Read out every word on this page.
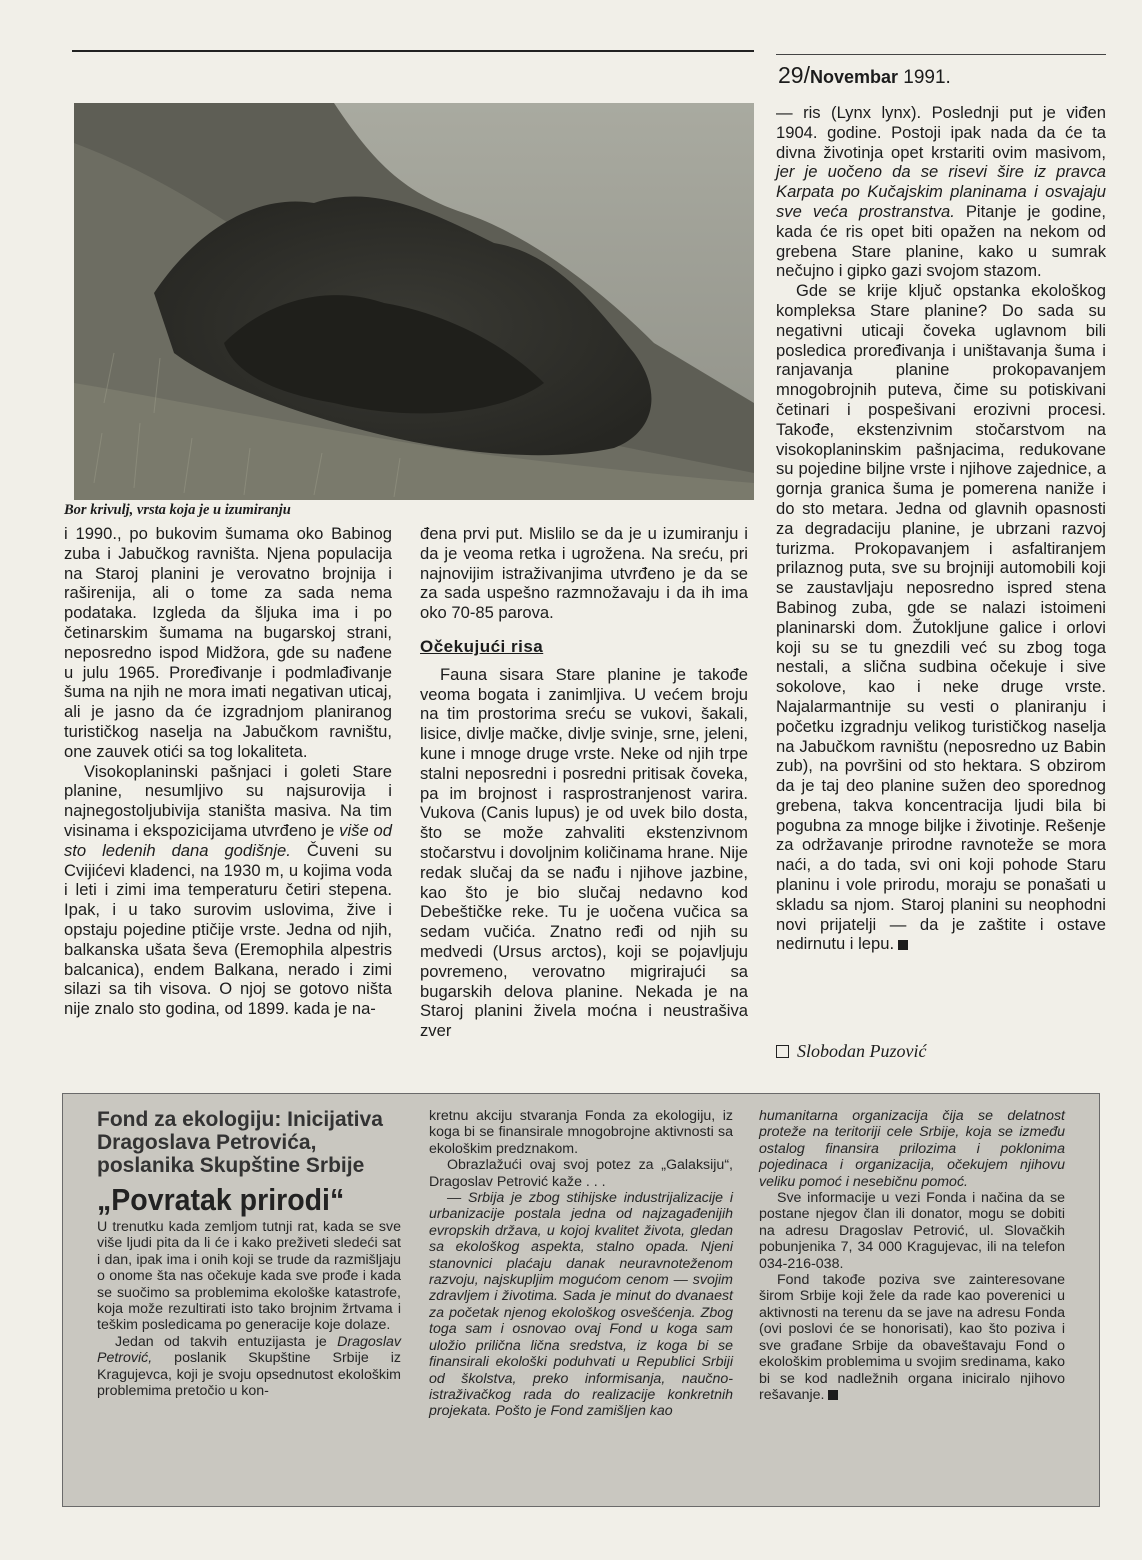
29/Novembar 1991.
Bor krivulj, vrsta koja je u izumiranju

i 1990., po bukovim šumama oko Babinog zuba i Jabučkog ravništa. Njena populacija na Staroj planini je verovatno brojnija i raširenija, ali o tome za sada nema podataka. Izgleda da šljuka ima i po četinarskim šumama na bugarskoj strani, neposredno ispod Midžora, gde su nađene u julu 1965. Proređivanje i podmlađivanje šuma na njih ne mora imati negativan uticaj, ali je jasno da će izgradnjom planiranog turističkog naselja na Jabučkom ravništu, one zauvek otići sa tog lokaliteta.

Visokoplaninski pašnjaci i goleti Stare planine, nesumljivo su najsurovija i najnegostoljubivija staništa masiva. Na tim visinama i ekspozicijama utvrđeno je više od sto ledenih dana godišnje. Čuveni su Cvijićevi kladenci, na 1930 m, u kojima voda i leti i zimi ima temperaturu četiri stepena. Ipak, i u tako surovim uslovima, žive i opstaju pojedine ptičije vrste. Jedna od njih, balkanska ušata ševa (Eremophila alpestris balcanica), endem Balkana, nerado i zimi silazi sa tih visova. O njoj se gotovo ništa nije znalo sto godina, od 1899. kada je na-

đena prvi put. Mislilo se da je u izumiranju i da je veoma retka i ugrožena. Na sreću, pri najnovijim istraživanjima utvrđeno je da se za sada uspešno razmnožavaju i da ih ima oko 70-85 parova.

Očekujući risa

Fauna sisara Stare planine je takođe veoma bogata i zanimljiva. U većem broju na tim prostorima sreću se vukovi, šakali, lisice, divlje mačke, divlje svinje, srne, jeleni, kune i mnoge druge vrste. Neke od njih trpe stalni neposredni i posredni pritisak čoveka, pa im brojnost i rasprostranjenost varira. Vukova (Canis lupus) je od uvek bilo dosta, što se može zahvaliti ekstenzivnom stočarstvu i dovoljnim količinama hrane. Nije redak slučaj da se nađu i njihove jazbine, kao što je bio slučaj nedavno kod Debeštičke reke. Tu je uočena vučica sa sedam vučića. Znatno ređi od njih su medvedi (Ursus arctos), koji se pojavljuju povremeno, verovatno migrirajući sa bugarskih delova planine. Nekada je na Staroj planini živela moćna i neustrašiva zver

— ris (Lynx lynx). Poslednji put je viđen 1904. godine. Postoji ipak nada da će ta divna životinja opet krstariti ovim masivom, jer je uočeno da se risevi šire iz pravca Karpata po Kučajskim planinama i osvajaju sve veća prostranstva. Pitanje je godine, kada će ris opet biti opažen na nekom od grebena Stare planine, kako u sumrak nečujno i gipko gazi svojom stazom.

Gde se krije ključ opstanka ekološkog kompleksa Stare planine? Do sada su negativni uticaji čoveka uglavnom bili posledica proređivanja i uništavanja šuma i ranjavanja planine prokopavanjem mnogobrojnih puteva, čime su potiskivani četinari i pospešivani erozivni procesi. Takođe, ekstenzivnim stočarstvom na visokoplaninskim pašnjacima, redukovane su pojedine biljne vrste i njihove zajednice, a gornja granica šuma je pomerena naniže i do sto metara. Jedna od glavnih opasnosti za degradaciju planine, je ubrzani razvoj turizma. Prokopavanjem i asfaltiranjem prilaznog puta, sve su brojniji automobili koji se zaustavljaju neposredno ispred stena Babinog zuba, gde se nalazi istoimeni planinarski dom. Žutokljune galice i orlovi koji su se tu gnezdili već su zbog toga nestali, a slična sudbina očekuje i sive sokolove, kao i neke druge vrste. Najalarmantnije su vesti o planiranju i početku izgradnju velikog turističkog naselja na Jabučkom ravništu (neposredno uz Babin zub), na površini od sto hektara. S obzirom da je taj deo planine sužen deo sporednog grebena, takva koncentracija ljudi bila bi pogubna za mnoge biljke i životinje. Rešenje za održavanje prirodne ravnoteže se mora naći, a do tada, svi oni koji pohode Staru planinu i vole prirodu, moraju se ponašati u skladu sa njom. Staroj planini su neophodni novi prijatelji — da je zaštite i ostave nedirnutu i lepu.

Slobodan Puzović
Fond za ekologiju: Inicijativa Dragoslava Petrovića, poslanika Skupštine Srbije
„Povratak prirodi“

U trenutku kada zemljom tutnji rat, kada se sve više ljudi pita da li će i kako preživeti sledeći sat i dan, ipak ima i onih koji se trude da razmišljaju o onome šta nas očekuje kada sve prođe i kada se suočimo sa problemima ekološke katastrofe, koja može rezultirati isto tako brojnim žrtvama i teškim posledicama po generacije koje dolaze.

Jedan od takvih entuzijasta je Dragoslav Petrović, poslanik Skupštine Srbije iz Kragujevca, koji je svoju opsednutost ekološkim problemima pretočio u kon-

kretnu akciju stvaranja Fonda za ekologiju, iz koga bi se finansirale mnogobrojne aktivnosti sa ekološkim predznakom.

Obrazlažući ovaj svoj potez za „Galaksiju“, Dragoslav Petrović kaže . . .

— Srbija je zbog stihijske industrijalizacije i urbanizacije postala jedna od najzagađenijih evropskih država, u kojoj kvalitet života, gledan sa ekološkog aspekta, stalno opada. Njeni stanovnici plaćaju danak neuravnoteženom razvoju, najskupljim mogućom cenom — svojim zdravljem i životima. Sada je minut do dvanaest za početak njenog ekološkog osvešćenja. Zbog toga sam i osnovao ovaj Fond u koga sam uložio prilična lična sredstva, iz koga bi se finansirali ekološki poduhvati u Republici Srbiji od školstva, preko informisanja, naučno-istraživačkog rada do realizacije konkretnih projekata. Pošto je Fond zamišljen kao

humanitarna organizacija čija se delatnost proteže na teritoriji cele Srbije, koja se između ostalog finansira prilozima i poklonima pojedinaca i organizacija, očekujem njihovu veliku pomoć i nesebičnu pomoć.

Sve informacije u vezi Fonda i načina da se postane njegov član ili donator, mogu se dobiti na adresu Dragoslav Petrović, ul. Slovačkih pobunjenika 7, 34 000 Kragujevac, ili na telefon 034-216-038.

Fond takođe poziva sve zainteresovane širom Srbije koji žele da rade kao poverenici u aktivnosti na terenu da se jave na adresu Fonda (ovi poslovi će se honorisati), kao što poziva i sve građane Srbije da obaveštavaju Fond o ekološkim problemima u svojim sredinama, kako bi se kod nadležnih organa iniciralo njihovo rešavanje.
